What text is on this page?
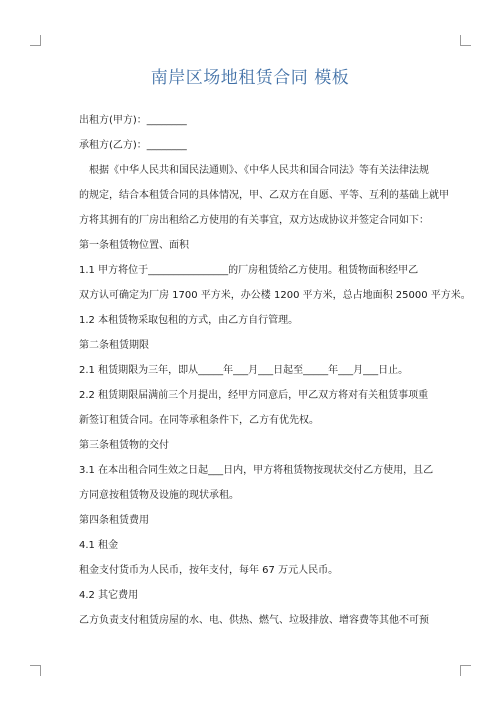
南岸区场地租赁合同 模板
出租方(甲方)：________
承租方(乙方)：________
根据《中华人民共和国民法通则》、《中华人民共和国合同法》等有关法律法规
的规定，结合本租赁合同的具体情况，甲、乙双方在自愿、平等、互利的基础上就甲
方将其拥有的厂房出租给乙方使用的有关事宜，双方达成协议并签定合同如下：
第一条租赁物位置、面积
1.1 甲方将位于________________的厂房租赁给乙方使用。租赁物面积经甲乙
双方认可确定为厂房 1700 平方米，办公楼 1200 平方米，总占地面积 25000 平方米。
1.2 本租赁物采取包租的方式，由乙方自行管理。
第二条租赁期限
2.1 租赁期限为三年，即从_____年___月___日起至_____年___月___日止。
2.2 租赁期限届满前三个月提出，经甲方同意后，甲乙双方将对有关租赁事项重
新签订租赁合同。在同等承租条件下，乙方有优先权。
第三条租赁物的交付
3.1 在本出租合同生效之日起___日内，甲方将租赁物按现状交付乙方使用，且乙
方同意按租赁物及设施的现状承租。
第四条租赁费用
4.1 租金
租金支付货币为人民币，按年支付，每年 67 万元人民币。
4.2 其它费用
乙方负责支付租赁房屋的水、电、供热、燃气、垃圾排放、增容费等其他不可预
